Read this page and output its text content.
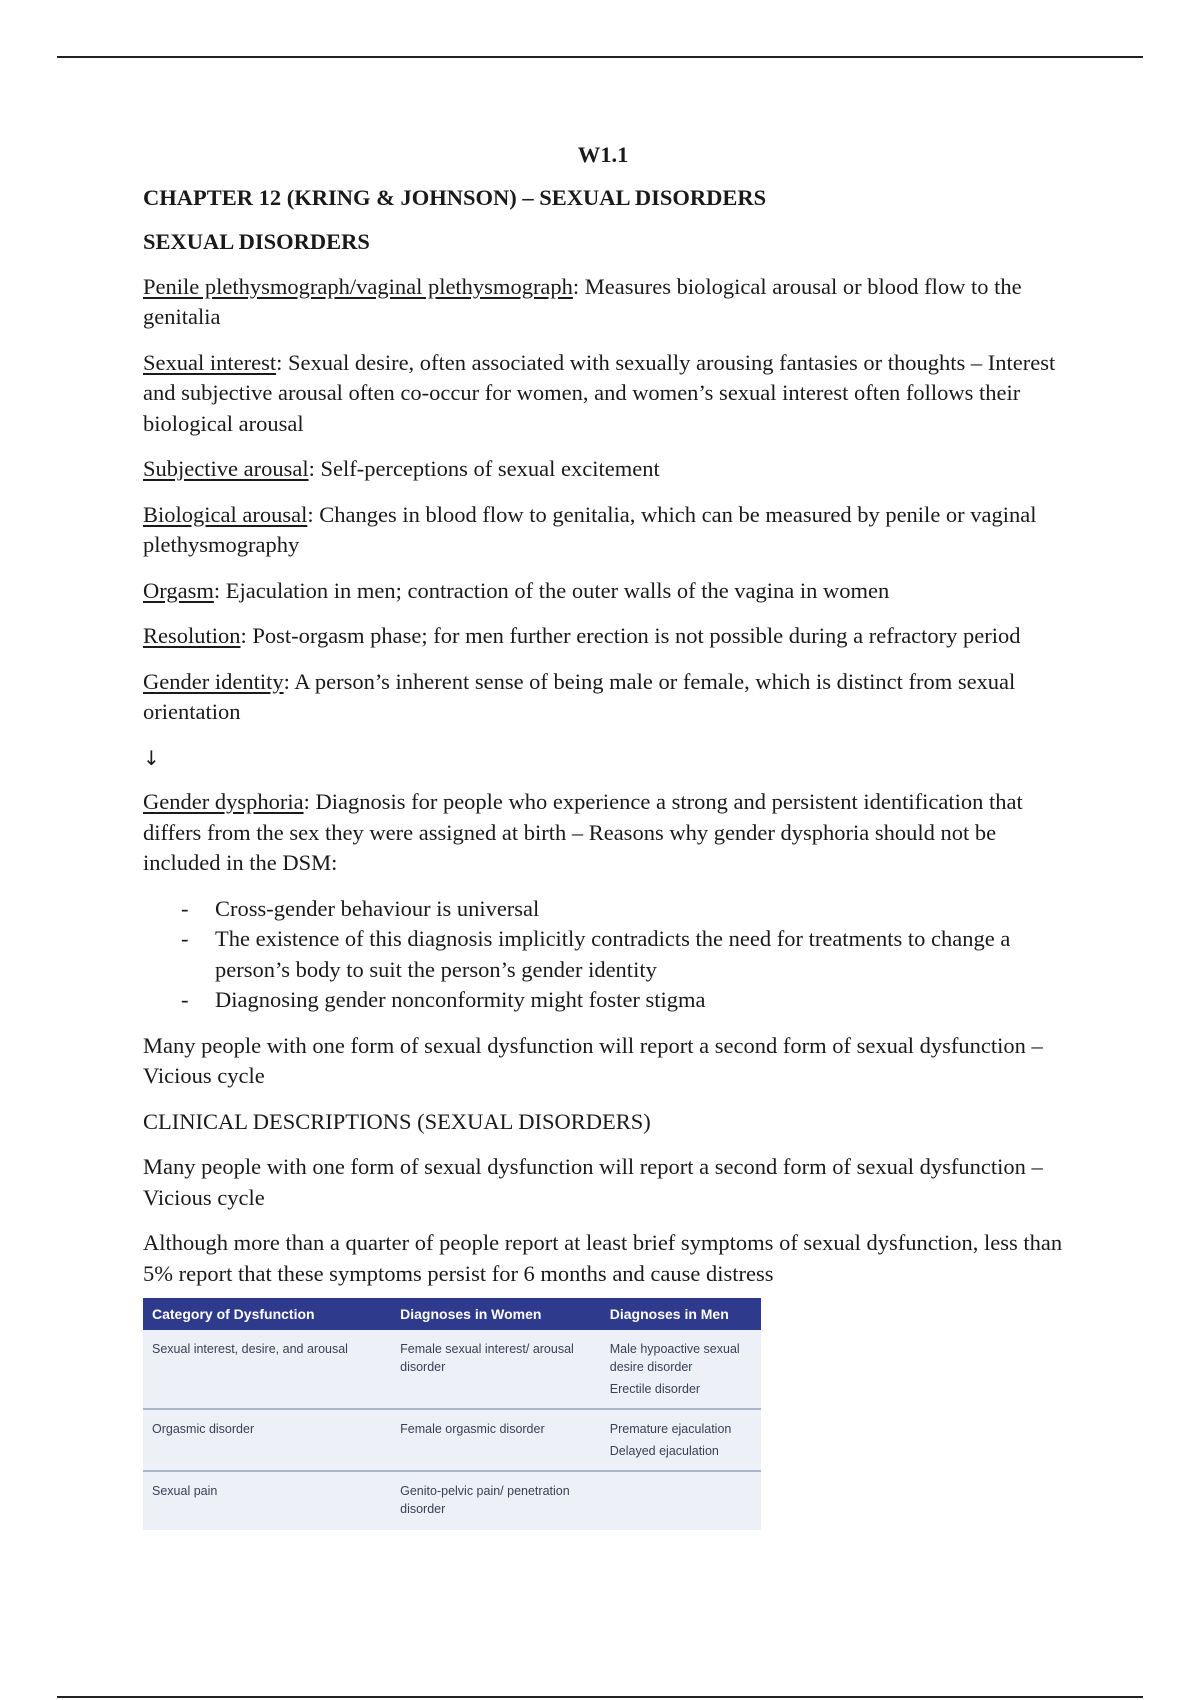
W1.1
CHAPTER 12 (KRING & JOHNSON) – SEXUAL DISORDERS
SEXUAL DISORDERS

Penile plethysmograph/vaginal plethysmograph: Measures biological arousal or blood flow to the genitalia

Sexual interest: Sexual desire, often associated with sexually arousing fantasies or thoughts – Interest and subjective arousal often co-occur for women, and women’s sexual interest often follows their biological arousal

Subjective arousal: Self-perceptions of sexual excitement

Biological arousal: Changes in blood flow to genitalia, which can be measured by penile or vaginal plethysmography

Orgasm: Ejaculation in men; contraction of the outer walls of the vagina in women

Resolution: Post-orgasm phase; for men further erection is not possible during a refractory period

Gender identity: A person’s inherent sense of being male or female, which is distinct from sexual orientation

↓

Gender dysphoria: Diagnosis for people who experience a strong and persistent identification that differs from the sex they were assigned at birth – Reasons why gender dysphoria should not be included in the DSM:

- Cross-gender behaviour is universal
- The existence of this diagnosis implicitly contradicts the need for treatments to change a person’s body to suit the person’s gender identity
- Diagnosing gender nonconformity might foster stigma

Many people with one form of sexual dysfunction will report a second form of sexual dysfunction – Vicious cycle

CLINICAL DESCRIPTIONS (SEXUAL DISORDERS)

Many people with one form of sexual dysfunction will report a second form of sexual dysfunction – Vicious cycle

Although more than a quarter of people report at least brief symptoms of sexual dysfunction, less than 5% report that these symptoms persist for 6 months and cause distress

Category of Dysfunction	Diagnoses in Women	Diagnoses in Men
Sexual interest, desire, and arousal	Female sexual interest/ arousal disorder	Male hypoactive sexual desire disorder
Erectile disorder

Orgasmic disorder	Female orgasmic disorder	Premature ejaculation
Delayed ejaculation

Sexual pain	Genito-pelvic pain/ penetration disorder	
